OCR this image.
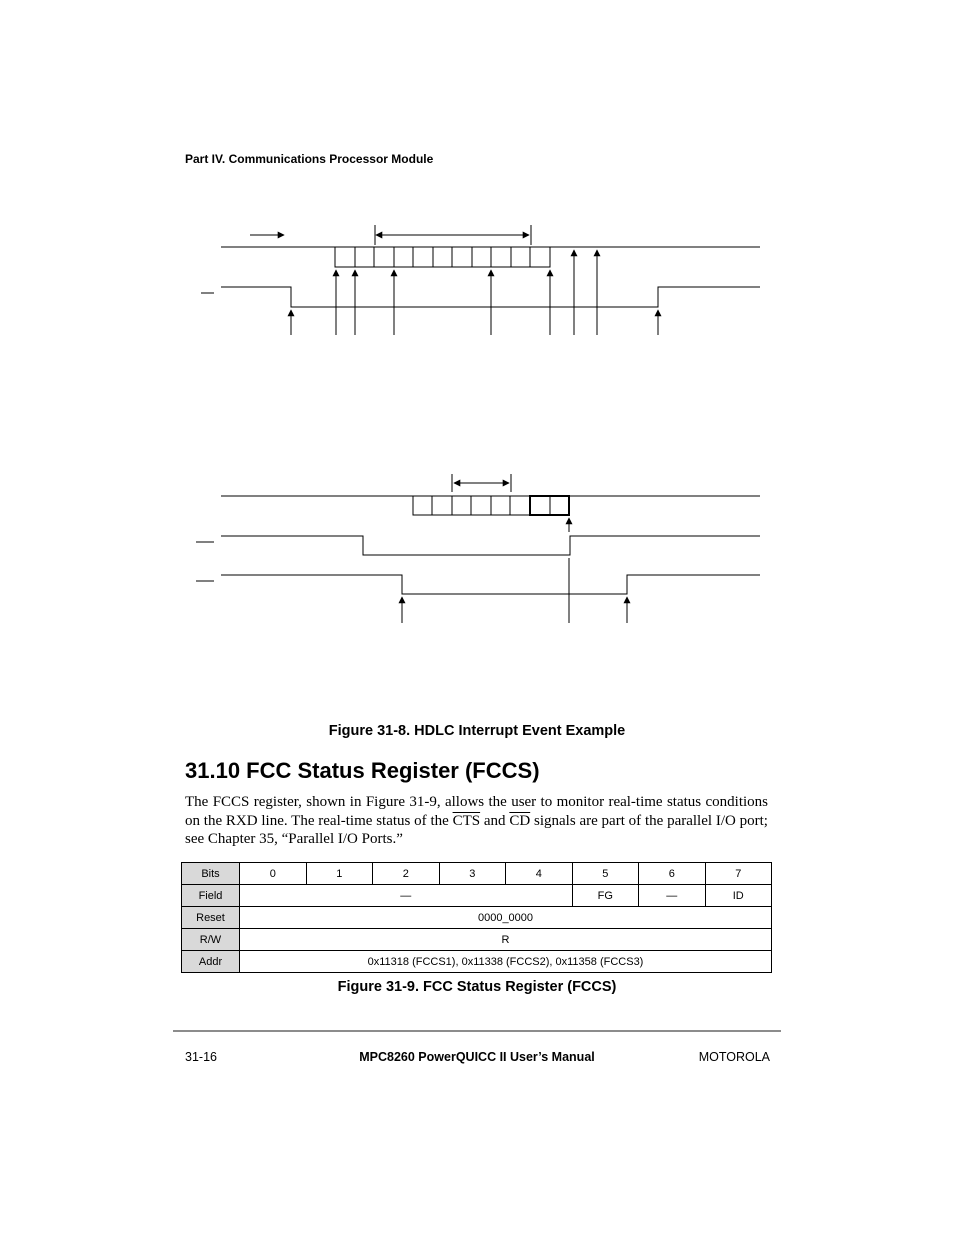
Part IV. Communications Processor Module
Figure 31-8. HDLC Interrupt Event Example
31.10 FCC Status Register (FCCS)

The FCCS register, shown in Figure 31-9, allows the user to monitor real-time status conditions on the RXD line. The real-time status of the $\overline{CTS}$ and $\overline{CD}$ signals are part of the parallel I/O port; see Chapter 35, “Parallel I/O Ports.”

Bits	0	1	2	3	4	5	6	7
Field	—					FG	—	ID
Reset	0000_0000							
R/W	R							
Addr	0x11318 (FCCS1), 0x11338 (FCCS2), 0x11358 (FCCS3)							
Figure 31-9. FCC Status Register (FCCS)
31-16	MPC8260 PowerQUICC II User’s Manual	MOTOROLA
